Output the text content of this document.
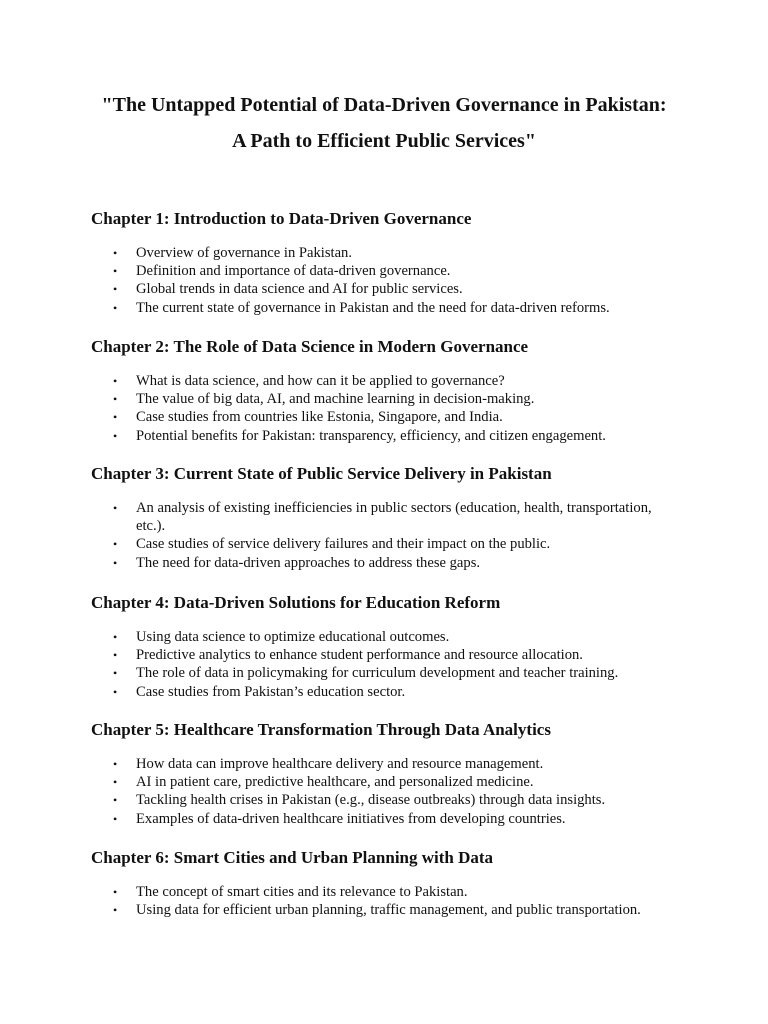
"The Untapped Potential of Data-Driven Governance in Pakistan:
A Path to Efficient Public Services"
Chapter 1: Introduction to Data-Driven Governance
• Overview of governance in Pakistan.
• Definition and importance of data-driven governance.
• Global trends in data science and AI for public services.
• The current state of governance in Pakistan and the need for data-driven reforms.
Chapter 2: The Role of Data Science in Modern Governance
• What is data science, and how can it be applied to governance?
• The value of big data, AI, and machine learning in decision-making.
• Case studies from countries like Estonia, Singapore, and India.
• Potential benefits for Pakistan: transparency, efficiency, and citizen engagement.
Chapter 3: Current State of Public Service Delivery in Pakistan
• An analysis of existing inefficiencies in public sectors (education, health, transportation, etc.).
• Case studies of service delivery failures and their impact on the public.
• The need for data-driven approaches to address these gaps.
Chapter 4: Data-Driven Solutions for Education Reform
• Using data science to optimize educational outcomes.
• Predictive analytics to enhance student performance and resource allocation.
• The role of data in policymaking for curriculum development and teacher training.
• Case studies from Pakistan’s education sector.
Chapter 5: Healthcare Transformation Through Data Analytics
• How data can improve healthcare delivery and resource management.
• AI in patient care, predictive healthcare, and personalized medicine.
• Tackling health crises in Pakistan (e.g., disease outbreaks) through data insights.
• Examples of data-driven healthcare initiatives from developing countries.
Chapter 6: Smart Cities and Urban Planning with Data
• The concept of smart cities and its relevance to Pakistan.
• Using data for efficient urban planning, traffic management, and public transportation.
